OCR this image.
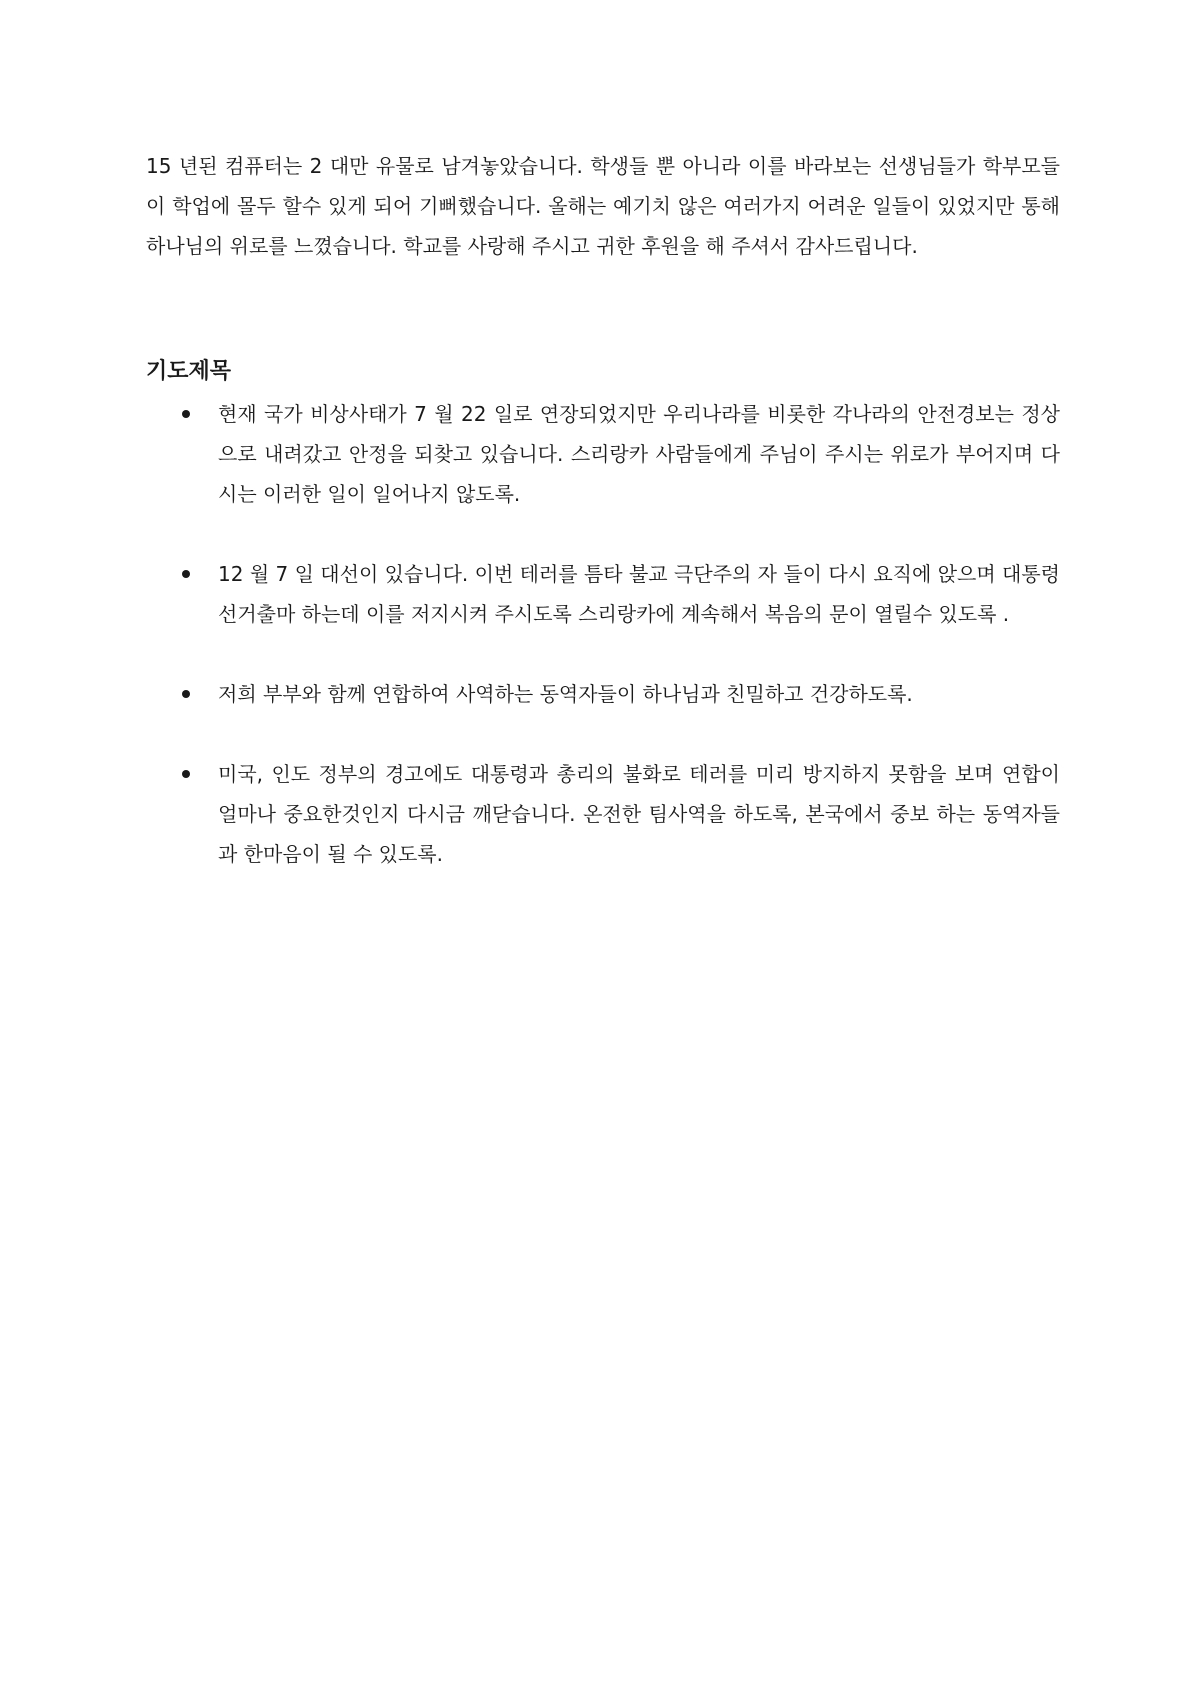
15 년된 컴퓨터는 2 대만 유물로 남겨놓았습니다. 학생들 뿐 아니라 이를 바라보는 선생님들가 학부모들이 학업에 몰두 할수 있게 되어 기뻐했습니다. 올해는 예기치 않은 여러가지 어려운 일들이 있었지만 통해 하나님의 위로를 느꼈습니다. 학교를 사랑해 주시고 귀한 후원을 해 주셔서 감사드립니다.

기도제목
현재 국가 비상사태가 7 월 22 일로 연장되었지만 우리나라를 비롯한 각나라의 안전경보는 정상으로 내려갔고 안정을 되찾고 있습니다. 스리랑카 사람들에게 주님이 주시는 위로가 부어지며 다시는 이러한 일이 일어나지 않도록.
12 월 7 일 대선이 있습니다. 이번 테러를 틈타 불교 극단주의 자 들이 다시 요직에 앉으며 대통령 선거출마 하는데 이를 저지시켜 주시도록 스리랑카에 계속해서 복음의 문이 열릴수 있도록 .
저희 부부와 함께 연합하여 사역하는 동역자들이 하나님과 친밀하고 건강하도록.
미국, 인도 정부의 경고에도 대통령과 총리의 불화로 테러를 미리 방지하지 못함을 보며 연합이 얼마나 중요한것인지 다시금 깨닫습니다. 온전한 팀사역을 하도록, 본국에서 중보 하는 동역자들과 한마음이 될 수 있도록.
